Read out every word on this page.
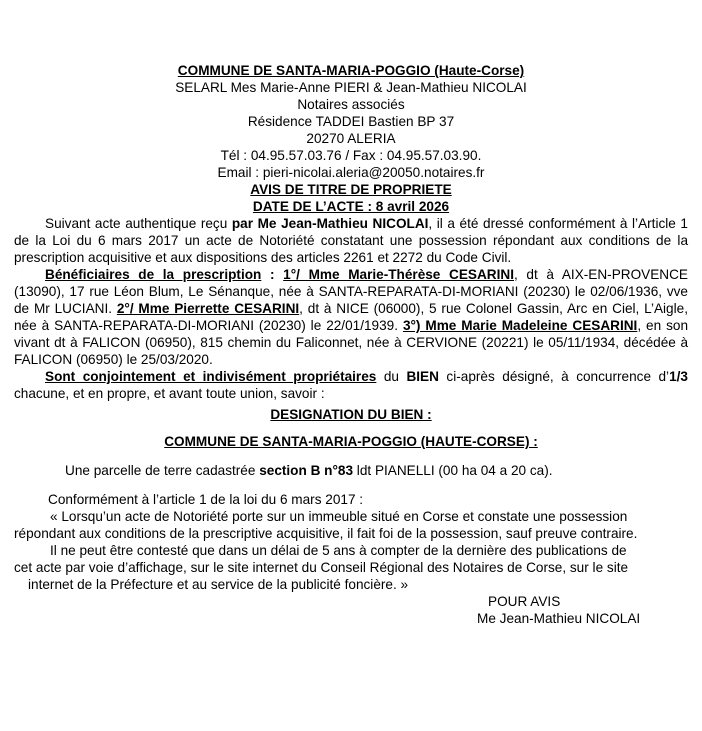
COMMUNE DE SANTA-MARIA-POGGIO (Haute-Corse)
SELARL Mes Marie-Anne PIERI & Jean-Mathieu NICOLAI
Notaires associés
Résidence TADDEI Bastien BP 37
20270 ALERIA
Tél : 04.95.57.03.76 / Fax : 04.95.57.03.90.
Email : pieri-nicolai.aleria@20050.notaires.fr
AVIS DE TITRE DE PROPRIETE
DATE DE L’ACTE : 8 avril 2026

Suivant acte authentique reçu par Me Jean-Mathieu NICOLAI, il a été dressé conformément à l’Article 1 de la Loi du 6 mars 2017 un acte de Notoriété constatant une possession répondant aux conditions de la prescription acquisitive et aux dispositions des articles 2261 et 2272 du Code Civil.

Bénéficiaires de la prescription : 1°/ Mme Marie-Thérèse CESARINI, dt à AIX-EN-PROVENCE (13090), 17 rue Léon Blum, Le Sénanque, née à SANTA-REPARATA-DI-MORIANI (20230) le 02/06/1936, vve de Mr LUCIANI. 2°/ Mme Pierrette CESARINI, dt à NICE (06000), 5 rue Colonel Gassin, Arc en Ciel, L’Aigle, née à SANTA-REPARATA-DI-MORIANI (20230) le 22/01/1939. 3°) Mme Marie Madeleine CESARINI, en son vivant dt à FALICON (06950), 815 chemin du Faliconnet, née à CERVIONE (20221) le 05/11/1934, décédée à FALICON (06950) le 25/03/2020.

Sont conjointement et indivisément propriétaires du BIEN ci-après désigné, à concurrence d’1/3 chacune, et en propre, et avant toute union, savoir :

DESIGNATION DU BIEN :

COMMUNE DE SANTA-MARIA-POGGIO (HAUTE-CORSE) :

Une parcelle de terre cadastrée section B n°83 ldt PIANELLI (00 ha 04 a 20 ca).

Conformément à l’article 1 de la loi du 6 mars 2017 :

« Lorsqu’un acte de Notoriété porte sur un immeuble situé en Corse et constate une possession
répondant aux conditions de la prescriptive acquisitive, il fait foi de la possession, sauf preuve contraire.
Il ne peut être contesté que dans un délai de 5 ans à compter de la dernière des publications de
cet acte par voie d’affichage, sur le site internet du Conseil Régional des Notaires de Corse, sur le site
internet de la Préfecture et au service de la publicité foncière. »
POUR AVIS
Me Jean-Mathieu NICOLAI
